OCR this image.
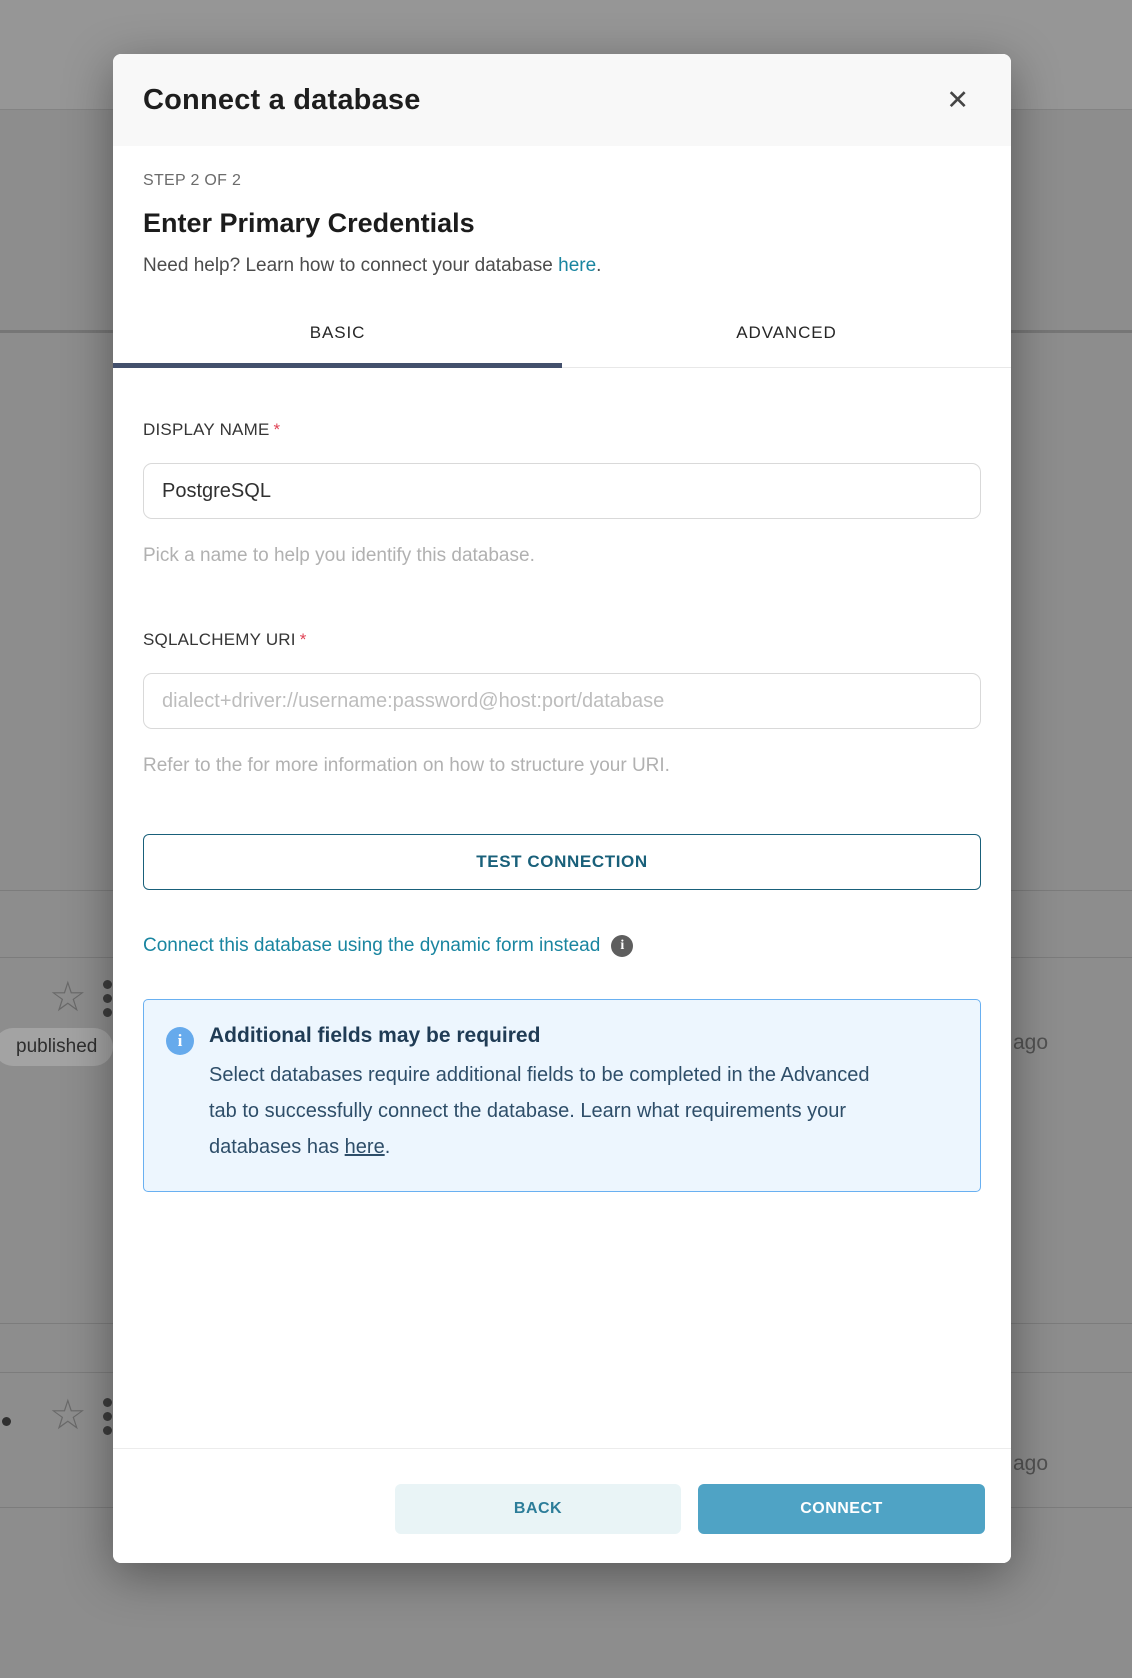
☆
published	ago
☆
ago
Connect a database	✕
STEP 2 OF 2
Enter Primary Credentials
Need help? Learn how to connect your database here.
BASIC	ADVANCED
DISPLAY NAME *
PostgreSQL
Pick a name to help you identify this database.
SQLALCHEMY URI *
dialect+driver://username:password@host:port/database
Refer to the for more information on how to structure your URI.
TEST CONNECTION
Connect this database using the dynamic form instead	i
i	Additional fields may be required
Select databases require additional fields to be completed in the Advanced tab to successfully connect the database. Learn what requirements your databases has here.
BACK	CONNECT
